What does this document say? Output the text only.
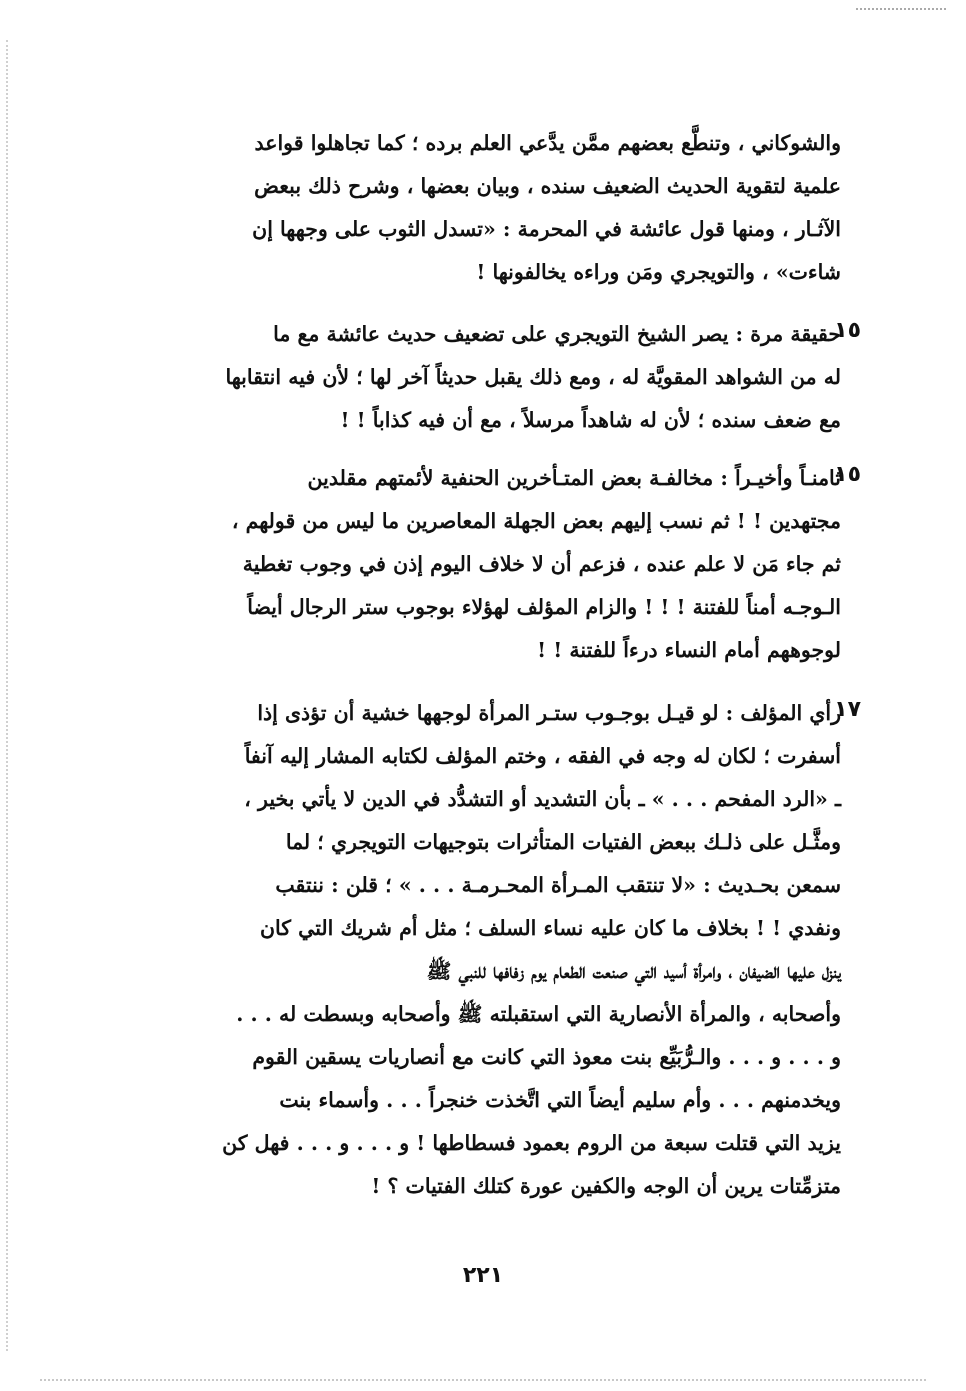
والشوكاني ، وتنطَّع بعضهم ممَّن يدَّعي العلم برده ؛ كما تجاهلوا قواعد
علمية لتقوية الحديث الضعيف سنده ، وبيان بعضها ، وشرح ذلك ببعض
الآثـار ، ومنها قول عائشة في المحرمة : «تسدل الثوب على وجهها إن
شاءت» ، والتويجري ومَن وراءه يخالفونها !
١٥
حقيقة مرة : يصر الشيخ التويجري على تضعيف حديث عائشة مع ما
له من الشواهد المقويَّة له ، ومع ذلك يقبل حديثاً آخر لها ؛ لأن فيه انتقابها
مع ضعف سنده ؛ لأن له شاهداً مرسلاً ، مع أن فيه كذاباً ! !
١٥
ثامنـاً وأخيـراً : مخالفـة بعض المتـأخرين الحنفية لأئمتهم مقلدين
مجتهدين ! ! ثم نسب إليهم بعض الجهلة المعاصرين ما ليس من قولهم ،
ثم جاء مَن لا علم عنده ، فزعم أن لا خلاف اليوم إذن في وجوب تغطية
الـوجـه أمناً للفتنة ! ! ! والزام المؤلف لهؤلاء بوجوب ستر الرجال أيضاً
لوجوههم أمام النساء درءاً للفتنة ! !
١٧
رأي المؤلف : لو قيـل بوجـوب ستـر المرأة لوجهها خشية أن تؤذى إذا
أسفرت ؛ لكان له وجه في الفقه ، وختم المؤلف لكتابه المشار إليه آنفاً
ـ «الرد المفحم . . . » ـ بأن التشديد أو التشدُّد في الدين لا يأتي بخير ،
ومثَّـل على ذلـك ببعض الفتيات المتأثرات بتوجيهات التويجري ؛ لما
سمعن بحـديث : «لا تنتقب المـرأة المحـرمـة . . . » ؛ قلن : ننتقب
ونفدي ! ! بخلاف ما كان عليه نساء السلف ؛ مثل أم شريك التي كان
ينزل عليها الضيفان ، وامرأة أسيد التي صنعت الطعام يوم زفافها للنبي ﷺ
وأصحابه ، والمرأة الأنصارية التي استقبلته ﷺ وأصحابه وبسطت له . . .
و . . . و . . . والـرُّبَيِّع بنت معوذ التي كانت مع أنصاريات يسقين القوم
ويخدمنهم . . . وأم سليم أيضاً التي اتَّخذت خنجراً . . . وأسماء بنت
يزيد التي قتلت سبعة من الروم بعمود فسطاطها ! و . . . و . . . فهل كن
متزمِّتات يرين أن الوجه والكفين عورة كتلك الفتيات ؟ !
٢٢١
